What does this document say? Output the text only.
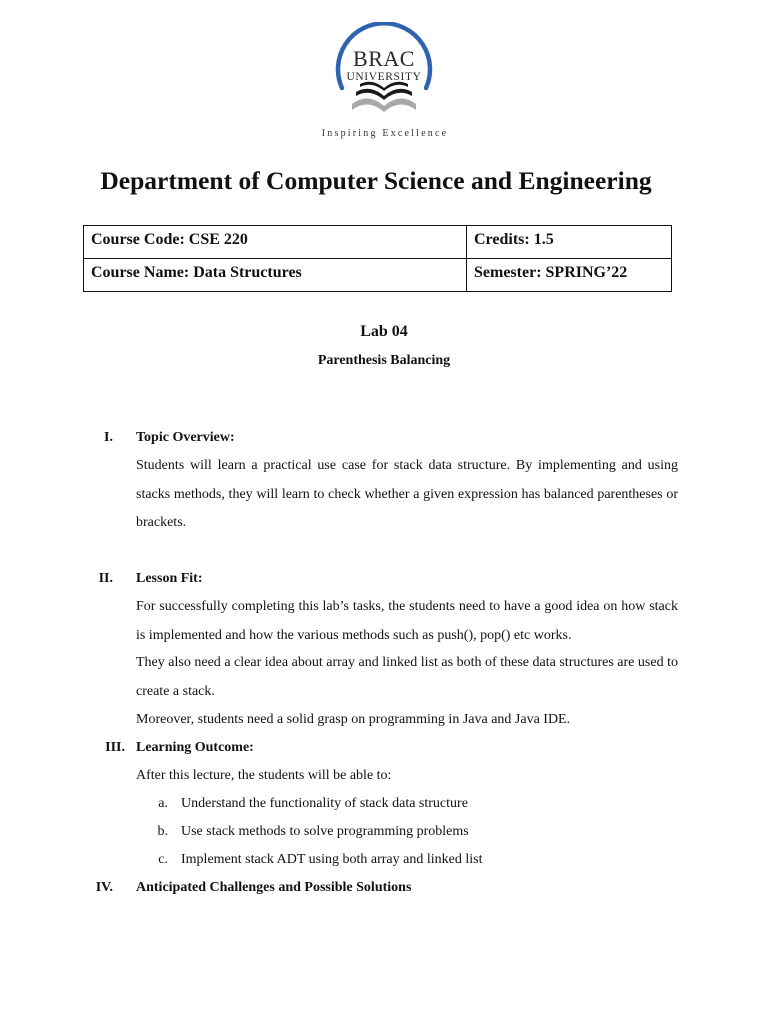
BRAC
UNIVERSITY
Inspiring Excellence
Department of Computer Science and Engineering
Course Code: CSE 220	Credits: 1.5
Course Name: Data Structures	Semester: SPRING’22
Lab 04
Parenthesis Balancing
I. Topic Overview:
Students will learn a practical use case for stack data structure. By implementing and using stacks methods, they will learn to check whether a given expression has balanced parentheses or brackets.
II. Lesson Fit:
For successfully completing this lab’s tasks, the students need to have a good idea on how stack is implemented and how the various methods such as push(), pop() etc works.
They also need a clear idea about array and linked list as both of these data structures are used to create a stack.
Moreover, students need a solid grasp on programming in Java and Java IDE.
III. Learning Outcome:
After this lecture, the students will be able to:
a. Understand the functionality of stack data structure
b. Use stack methods to solve programming problems
c. Implement stack ADT using both array and linked list
IV. Anticipated Challenges and Possible Solutions
